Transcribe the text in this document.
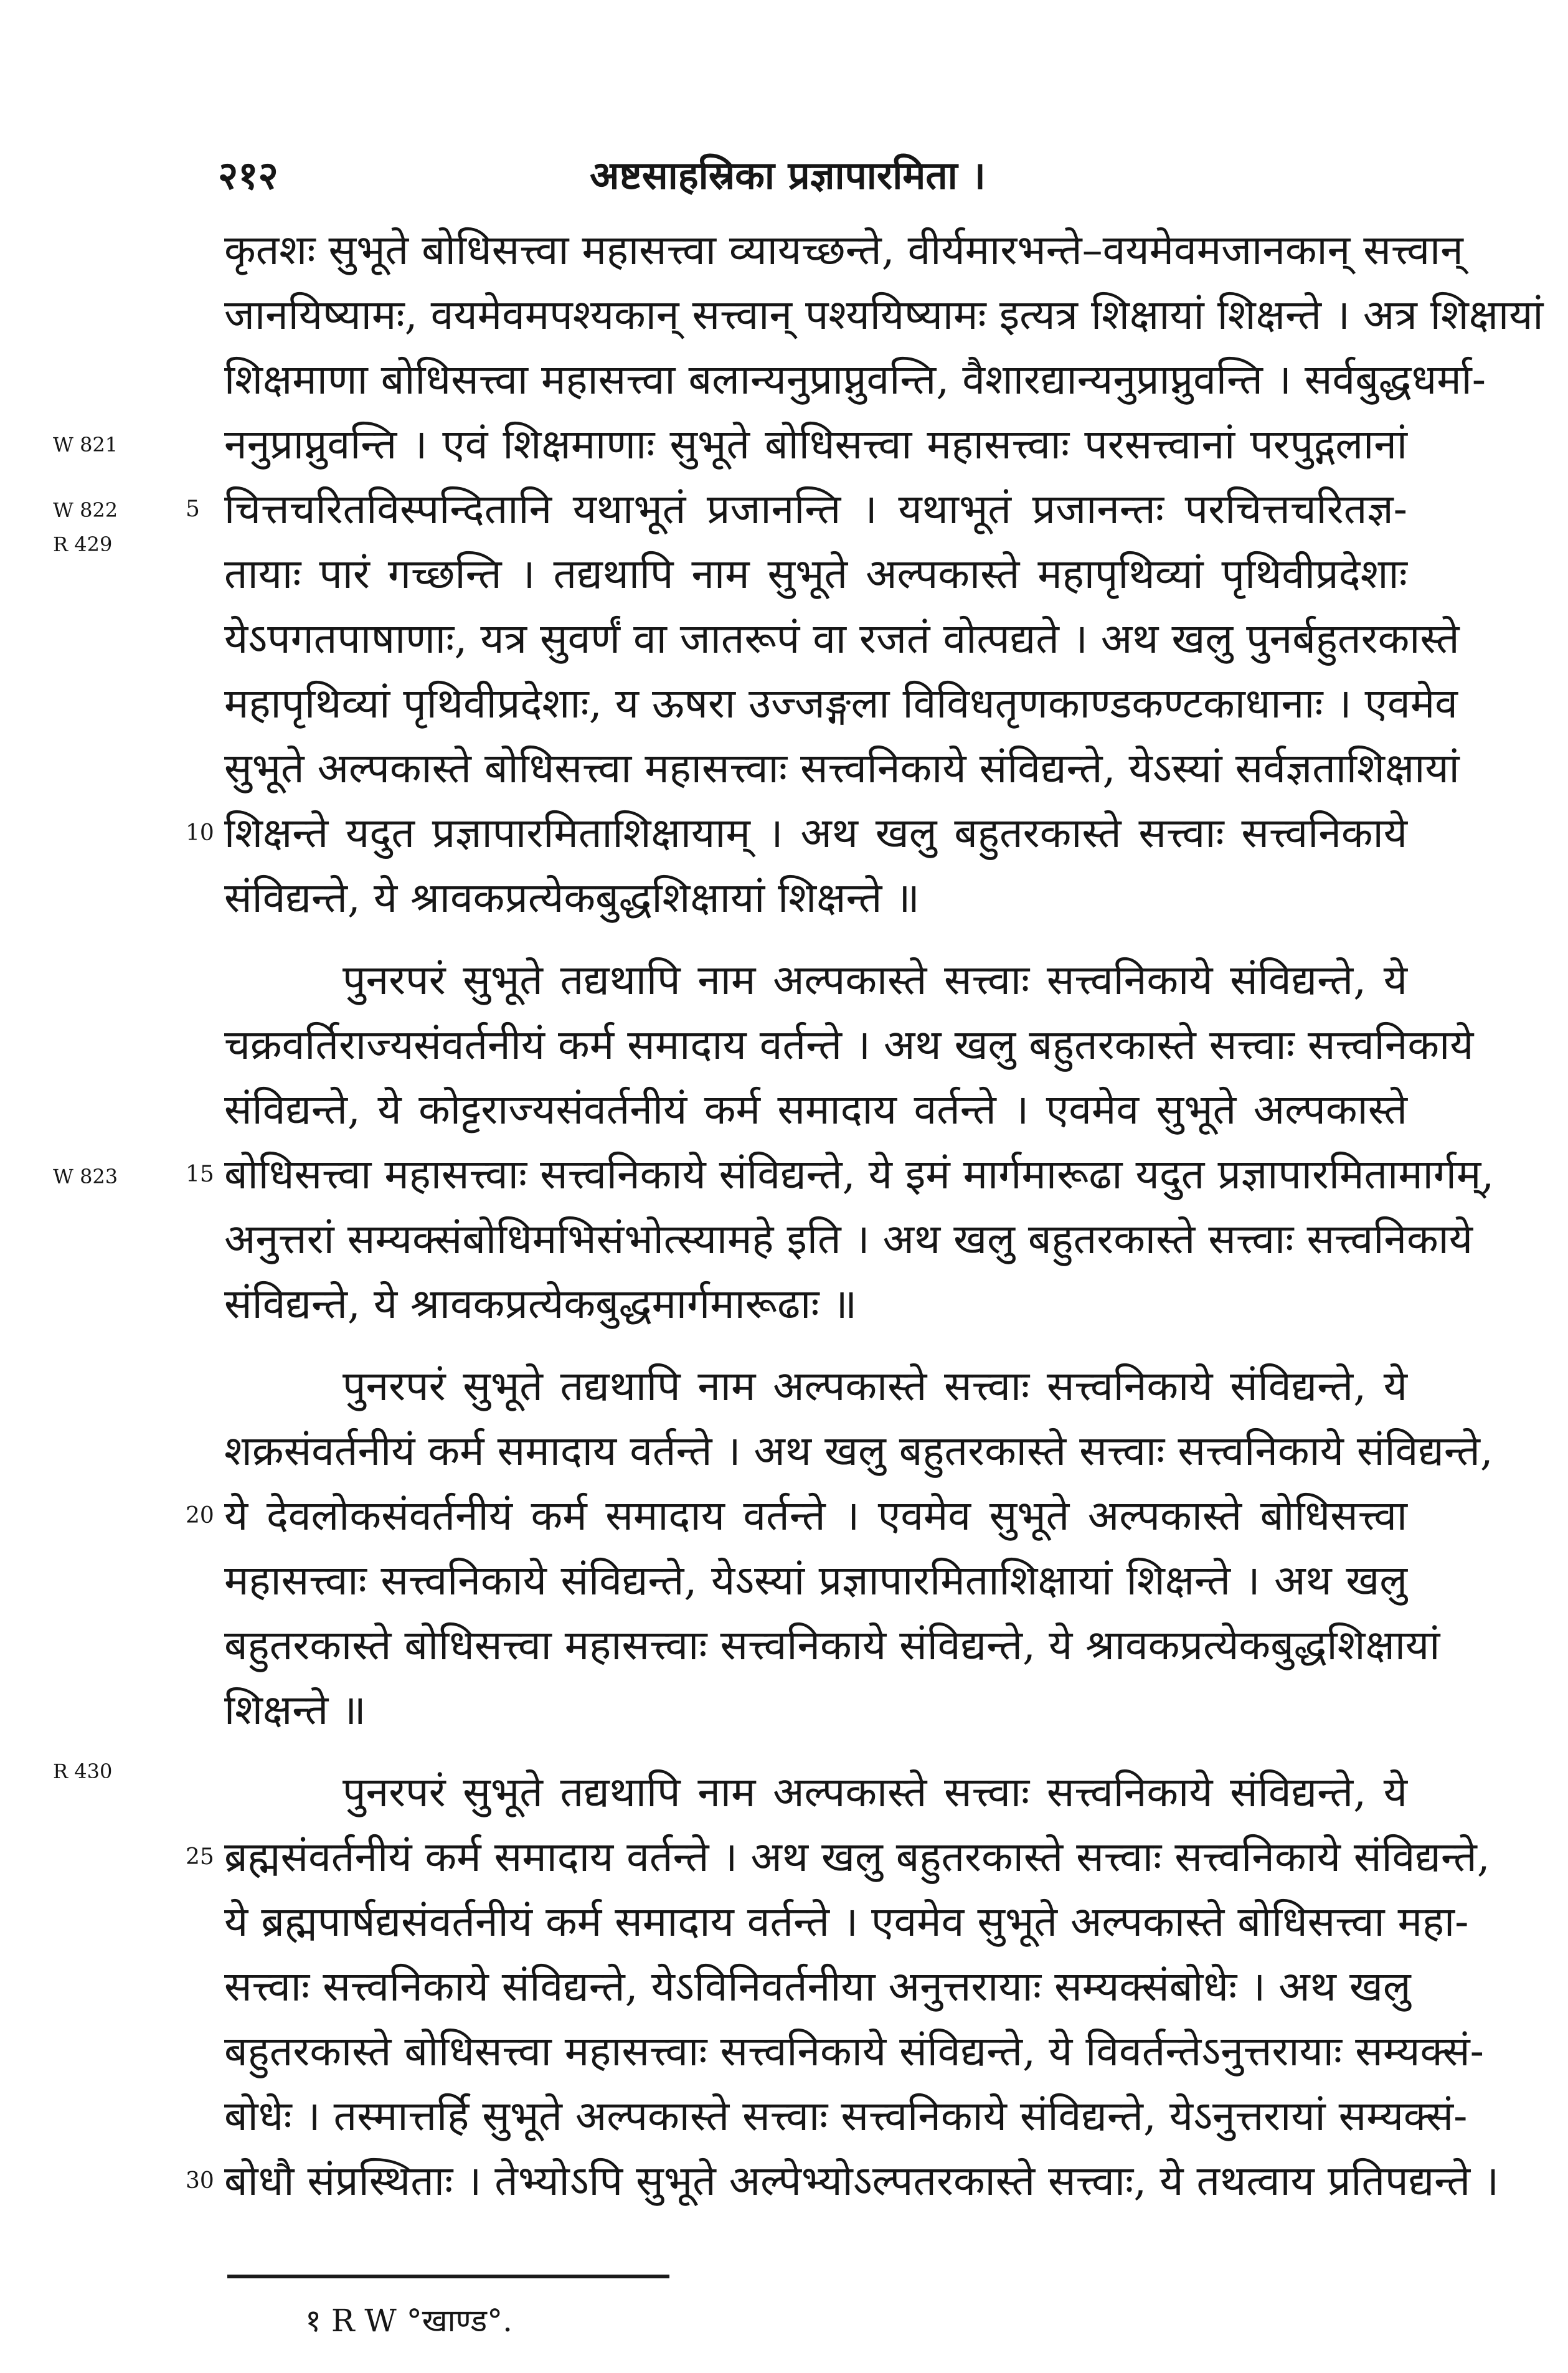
२१२	अष्टसाहस्रिका प्रज्ञापारमिता ।
W 821
W 822
R 429
W 823
R 430
कृतशः सुभूते बोधिसत्त्वा महासत्त्वा व्यायच्छन्ते, वीर्यमारभन्ते–वयमेवमजानकान् सत्त्वान्
जानयिष्यामः, वयमेवमपश्यकान् सत्त्वान् पश्ययिष्यामः इत्यत्र शिक्षायां शिक्षन्ते । अत्र शिक्षायां
शिक्षमाणा बोधिसत्त्वा महासत्त्वा बलान्यनुप्राप्नुवन्ति, वैशारद्यान्यनुप्राप्नुवन्ति । सर्वबुद्धधर्मा-
ननुप्राप्नुवन्ति । एवं शिक्षमाणाः सुभूते बोधिसत्त्वा महासत्त्वाः परसत्त्वानां परपुद्गलानां
5 चित्तचरितविस्पन्दितानि यथाभूतं प्रजानन्ति । यथाभूतं प्रजानन्तः परचित्तचरितज्ञ-
तायाः पारं गच्छन्ति । तद्यथापि नाम सुभूते अल्पकास्ते महापृथिव्यां पृथिवीप्रदेशाः
येऽपगतपाषाणाः, यत्र सुवर्णं वा जातरूपं वा रजतं वोत्पद्यते । अथ खलु पुनर्बहुतरकास्ते
महापृथिव्यां पृथिवीप्रदेशाः, य ऊषरा उज्जङ्गला विविधतृणकाण्डकण्टकाधानाः । एवमेव
सुभूते अल्पकास्ते बोधिसत्त्वा महासत्त्वाः सत्त्वनिकाये संविद्यन्ते, येऽस्यां सर्वज्ञताशिक्षायां
10 शिक्षन्ते यदुत प्रज्ञापारमिताशिक्षायाम् । अथ खलु बहुतरकास्ते सत्त्वाः सत्त्वनिकाये
संविद्यन्ते, ये श्रावकप्रत्येकबुद्धशिक्षायां शिक्षन्ते ॥
पुनरपरं सुभूते तद्यथापि नाम अल्पकास्ते सत्त्वाः सत्त्वनिकाये संविद्यन्ते, ये
चक्रवर्तिराज्यसंवर्तनीयं कर्म समादाय वर्तन्ते । अथ खलु बहुतरकास्ते सत्त्वाः सत्त्वनिकाये
संविद्यन्ते, ये कोट्टराज्यसंवर्तनीयं कर्म समादाय वर्तन्ते । एवमेव सुभूते अल्पकास्ते
15 बोधिसत्त्वा महासत्त्वाः सत्त्वनिकाये संविद्यन्ते, ये इमं मार्गमारूढा यदुत प्रज्ञापारमितामार्गम्,
अनुत्तरां सम्यक्संबोधिमभिसंभोत्स्यामहे इति । अथ खलु बहुतरकास्ते सत्त्वाः सत्त्वनिकाये
संविद्यन्ते, ये श्रावकप्रत्येकबुद्धमार्गमारूढाः ॥
पुनरपरं सुभूते तद्यथापि नाम अल्पकास्ते सत्त्वाः सत्त्वनिकाये संविद्यन्ते, ये
शक्रसंवर्तनीयं कर्म समादाय वर्तन्ते । अथ खलु बहुतरकास्ते सत्त्वाः सत्त्वनिकाये संविद्यन्ते,
20 ये देवलोकसंवर्तनीयं कर्म समादाय वर्तन्ते । एवमेव सुभूते अल्पकास्ते बोधिसत्त्वा
महासत्त्वाः सत्त्वनिकाये संविद्यन्ते, येऽस्यां प्रज्ञापारमिताशिक्षायां शिक्षन्ते । अथ खलु
बहुतरकास्ते बोधिसत्त्वा महासत्त्वाः सत्त्वनिकाये संविद्यन्ते, ये श्रावकप्रत्येकबुद्धशिक्षायां
शिक्षन्ते ॥
पुनरपरं सुभूते तद्यथापि नाम अल्पकास्ते सत्त्वाः सत्त्वनिकाये संविद्यन्ते, ये
25 ब्रह्मसंवर्तनीयं कर्म समादाय वर्तन्ते । अथ खलु बहुतरकास्ते सत्त्वाः सत्त्वनिकाये संविद्यन्ते,
ये ब्रह्मपार्षद्यसंवर्तनीयं कर्म समादाय वर्तन्ते । एवमेव सुभूते अल्पकास्ते बोधिसत्त्वा महा-
सत्त्वाः सत्त्वनिकाये संविद्यन्ते, येऽविनिवर्तनीया अनुत्तरायाः सम्यक्संबोधेः । अथ खलु
बहुतरकास्ते बोधिसत्त्वा महासत्त्वाः सत्त्वनिकाये संविद्यन्ते, ये विवर्तन्तेऽनुत्तरायाः सम्यक्सं-
बोधेः । तस्मात्तर्हि सुभूते अल्पकास्ते सत्त्वाः सत्त्वनिकाये संविद्यन्ते, येऽनुत्तरायां सम्यक्सं-
30 बोधौ संप्रस्थिताः । तेभ्योऽपि सुभूते अल्पेभ्योऽल्पतरकास्ते सत्त्वाः, ये तथत्वाय प्रतिपद्यन्ते ।
१ R W °खाण्ड°.
